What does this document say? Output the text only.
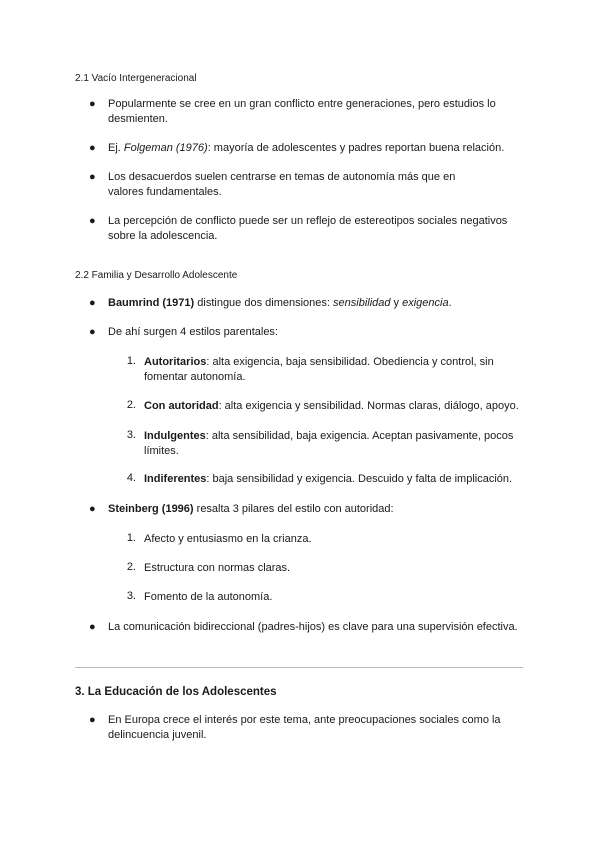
2.1 Vacío Intergeneracional
● Popularmente se cree en un gran conflicto entre generaciones, pero estudios lo desmienten.
● Ej. Folgeman (1976): mayoría de adolescentes y padres reportan buena relación.
● Los desacuerdos suelen centrarse en temas de autonomía más que en valores fundamentales.
● La percepción de conflicto puede ser un reflejo de estereotipos sociales negativos sobre la adolescencia.
2.2 Familia y Desarrollo Adolescente
● Baumrind (1971) distingue dos dimensiones: sensibilidad y exigencia.
● De ahí surgen 4 estilos parentales:
1. Autoritarios: alta exigencia, baja sensibilidad. Obediencia y control, sin fomentar autonomía.
2. Con autoridad: alta exigencia y sensibilidad. Normas claras, diálogo, apoyo.
3. Indulgentes: alta sensibilidad, baja exigencia. Aceptan pasivamente, pocos límites.
4. Indiferentes: baja sensibilidad y exigencia. Descuido y falta de implicación.
● Steinberg (1996) resalta 3 pilares del estilo con autoridad:
1. Afecto y entusiasmo en la crianza.
2. Estructura con normas claras.
3. Fomento de la autonomía.
● La comunicación bidireccional (padres-hijos) es clave para una supervisión efectiva.
3. La Educación de los Adolescentes
● En Europa crece el interés por este tema, ante preocupaciones sociales como la delincuencia juvenil.
